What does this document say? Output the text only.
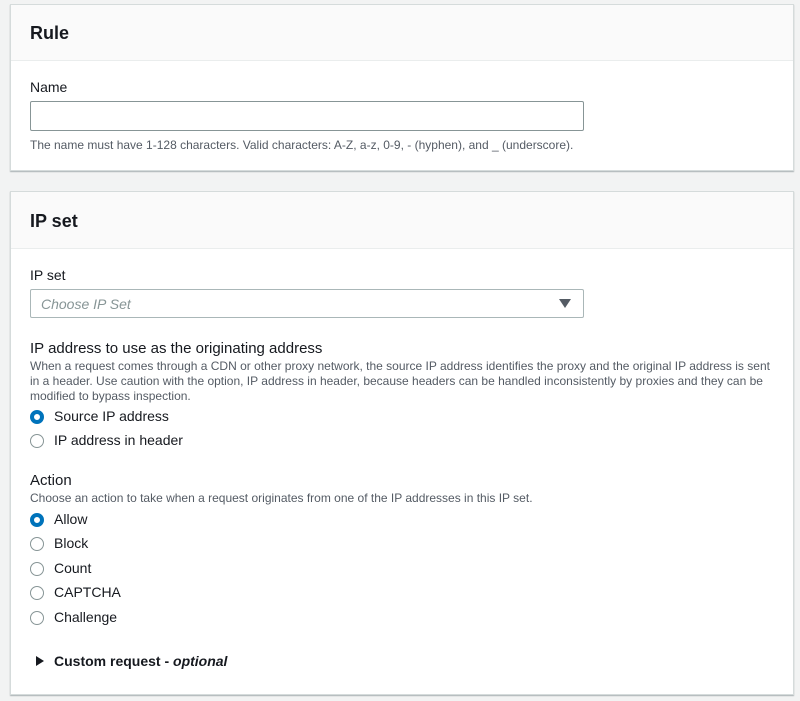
Rule
Name
The name must have 1-128 characters. Valid characters: A-Z, a-z, 0-9, - (hyphen), and _ (underscore).
IP set
IP set
Choose IP Set
IP address to use as the originating address
When a request comes through a CDN or other proxy network, the source IP address identifies the proxy and the original IP address is sent in a header. Use caution with the option, IP address in header, because headers can be handled inconsistently by proxies and they can be modified to bypass inspection.
Source IP address
IP address in header
Action
Choose an action to take when a request originates from one of the IP addresses in this IP set.
Allow
Block
Count
CAPTCHA
Challenge
Custom request - optional
